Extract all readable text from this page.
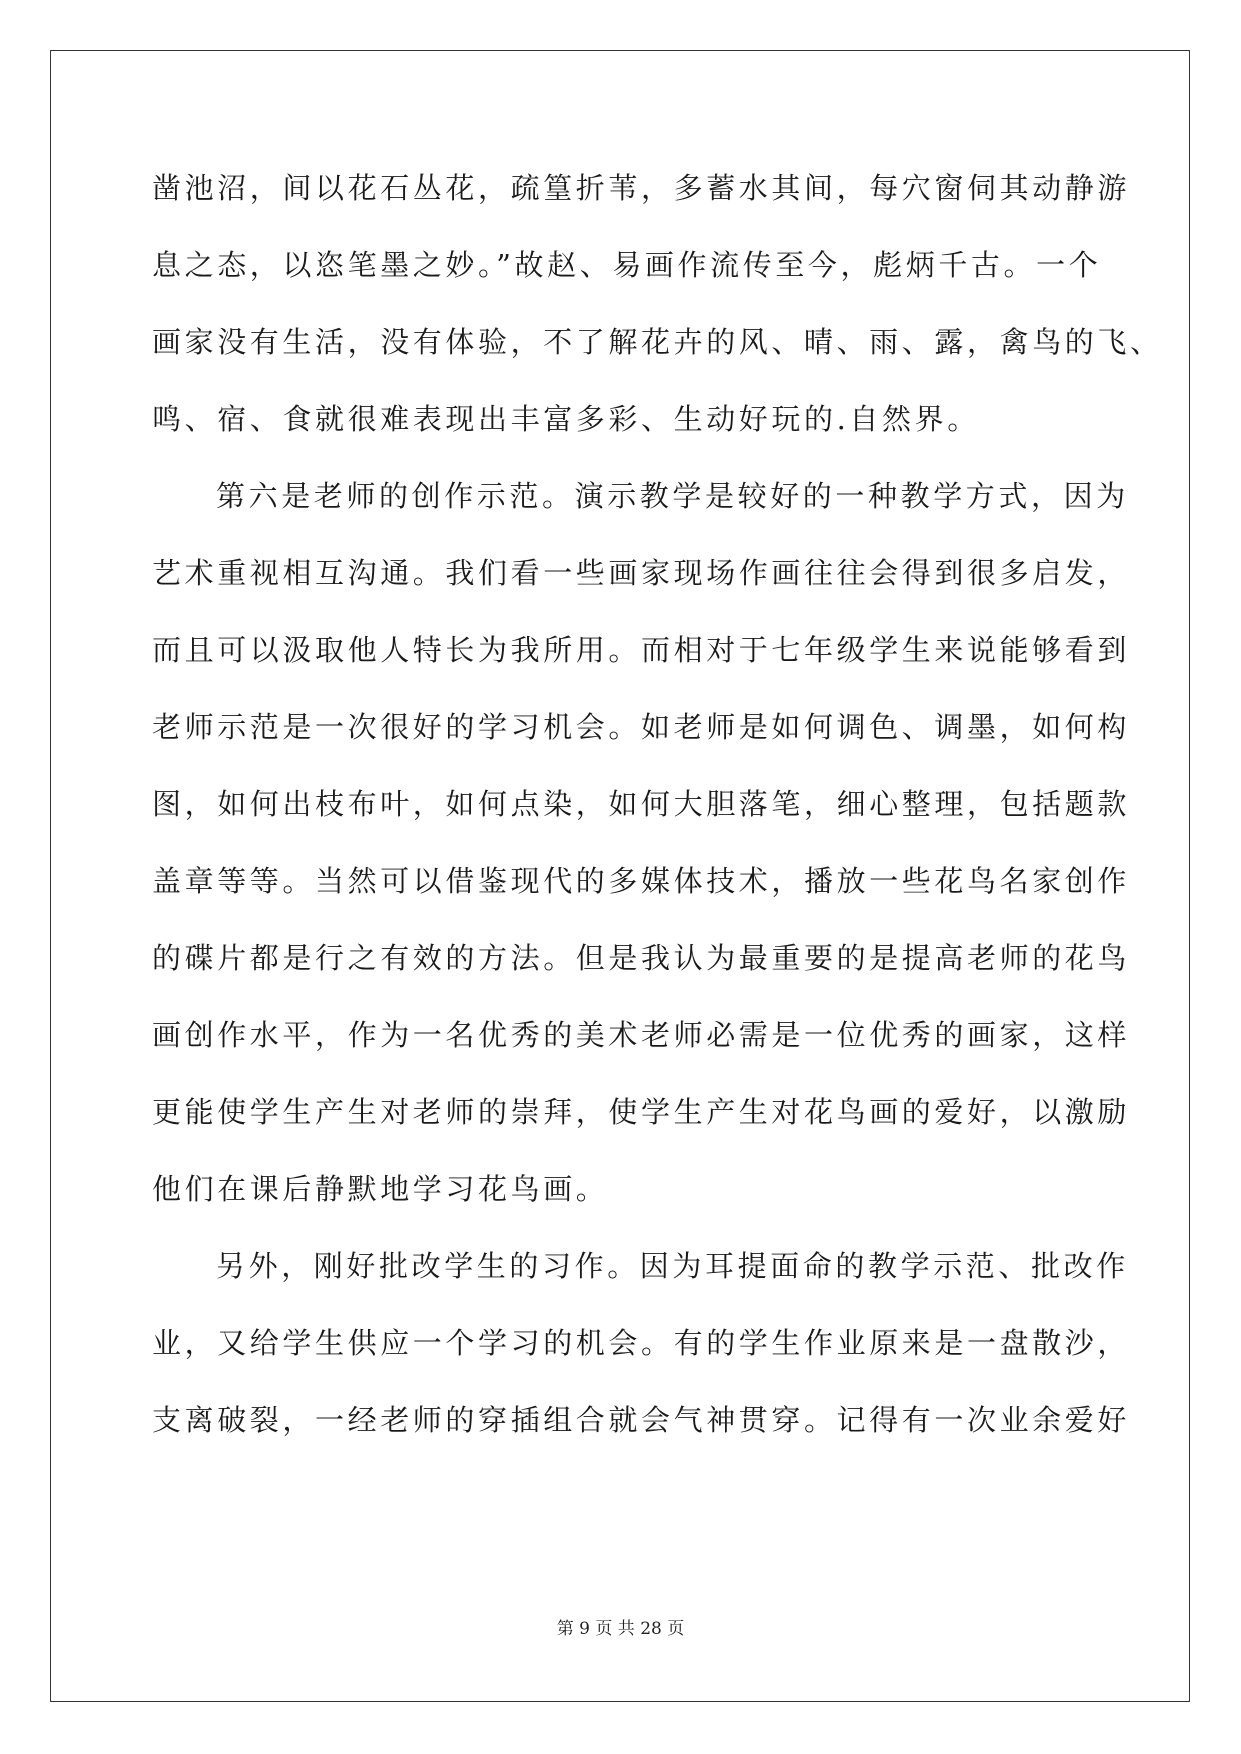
凿池沼，间以花石丛花，疏篁折苇，多蓄水其间，每穴窗伺其动静游
息之态，以恣笔墨之妙。”故赵、易画作流传至今，彪炳千古。一个
画家没有生活，没有体验，不了解花卉的风、晴、雨、露，禽鸟的飞、
鸣、宿、食就很难表现出丰富多彩、生动好玩的.自然界。
第六是老师的创作示范。演示教学是较好的一种教学方式，因为
艺术重视相互沟通。我们看一些画家现场作画往往会得到很多启发，
而且可以汲取他人特长为我所用。而相对于七年级学生来说能够看到
老师示范是一次很好的学习机会。如老师是如何调色、调墨，如何构
图，如何出枝布叶，如何点染，如何大胆落笔，细心整理，包括题款
盖章等等。当然可以借鉴现代的多媒体技术，播放一些花鸟名家创作
的碟片都是行之有效的方法。但是我认为最重要的是提高老师的花鸟
画创作水平，作为一名优秀的美术老师必需是一位优秀的画家，这样
更能使学生产生对老师的崇拜，使学生产生对花鸟画的爱好，以激励
他们在课后静默地学习花鸟画。
另外，刚好批改学生的习作。因为耳提面命的教学示范、批改作
业，又给学生供应一个学习的机会。有的学生作业原来是一盘散沙，
支离破裂，一经老师的穿插组合就会气神贯穿。记得有一次业余爱好
第 9 页 共 28 页
